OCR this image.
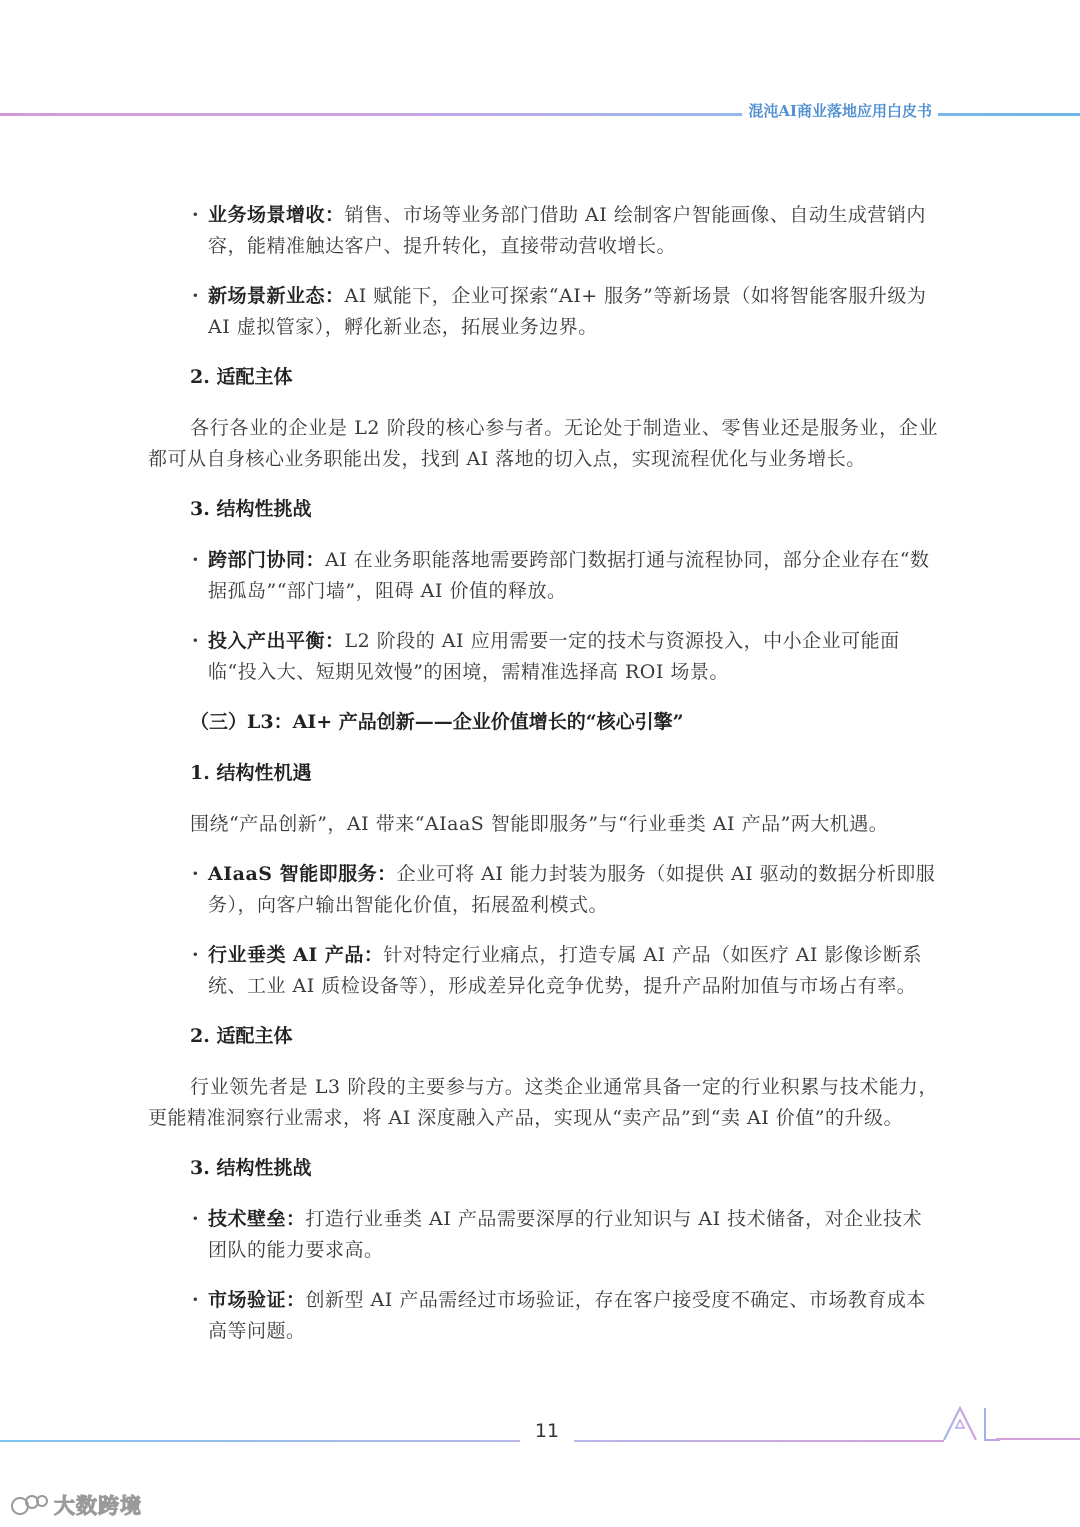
混沌AI商业落地应用白皮书
· 业务场景增收：销售、市场等业务部门借助 AI 绘制客户智能画像、自动生成营销内容，能精准触达客户、提升转化，直接带动营收增长。
· 新场景新业态：AI 赋能下，企业可探索“AI+ 服务”等新场景（如将智能客服升级为 AI 虚拟管家），孵化新业态，拓展业务边界。
2. 适配主体
各行各业的企业是 L2 阶段的核心参与者。无论处于制造业、零售业还是服务业，企业都可从自身核心业务职能出发，找到 AI 落地的切入点，实现流程优化与业务增长。
3. 结构性挑战
· 跨部门协同：AI 在业务职能落地需要跨部门数据打通与流程协同，部分企业存在“数据孤岛”“部门墙”，阻碍 AI 价值的释放。
· 投入产出平衡：L2 阶段的 AI 应用需要一定的技术与资源投入，中小企业可能面临“投入大、短期见效慢”的困境，需精准选择高 ROI 场景。
（三）L3：AI+ 产品创新——企业价值增长的“核心引擎”
1. 结构性机遇
围绕“产品创新”，AI 带来“AIaaS 智能即服务”与“行业垂类 AI 产品”两大机遇。
· AIaaS 智能即服务：企业可将 AI 能力封装为服务（如提供 AI 驱动的数据分析即服务），向客户输出智能化价值，拓展盈利模式。
· 行业垂类 AI 产品：针对特定行业痛点，打造专属 AI 产品（如医疗 AI 影像诊断系统、工业 AI 质检设备等），形成差异化竞争优势，提升产品附加值与市场占有率。
2. 适配主体
行业领先者是 L3 阶段的主要参与方。这类企业通常具备一定的行业积累与技术能力，更能精准洞察行业需求，将 AI 深度融入产品，实现从“卖产品”到“卖 AI 价值”的升级。
3. 结构性挑战
· 技术壁垒：打造行业垂类 AI 产品需要深厚的行业知识与 AI 技术储备，对企业技术团队的能力要求高。
· 市场验证：创新型 AI 产品需经过市场验证，存在客户接受度不确定、市场教育成本高等问题。
11
大数跨境
